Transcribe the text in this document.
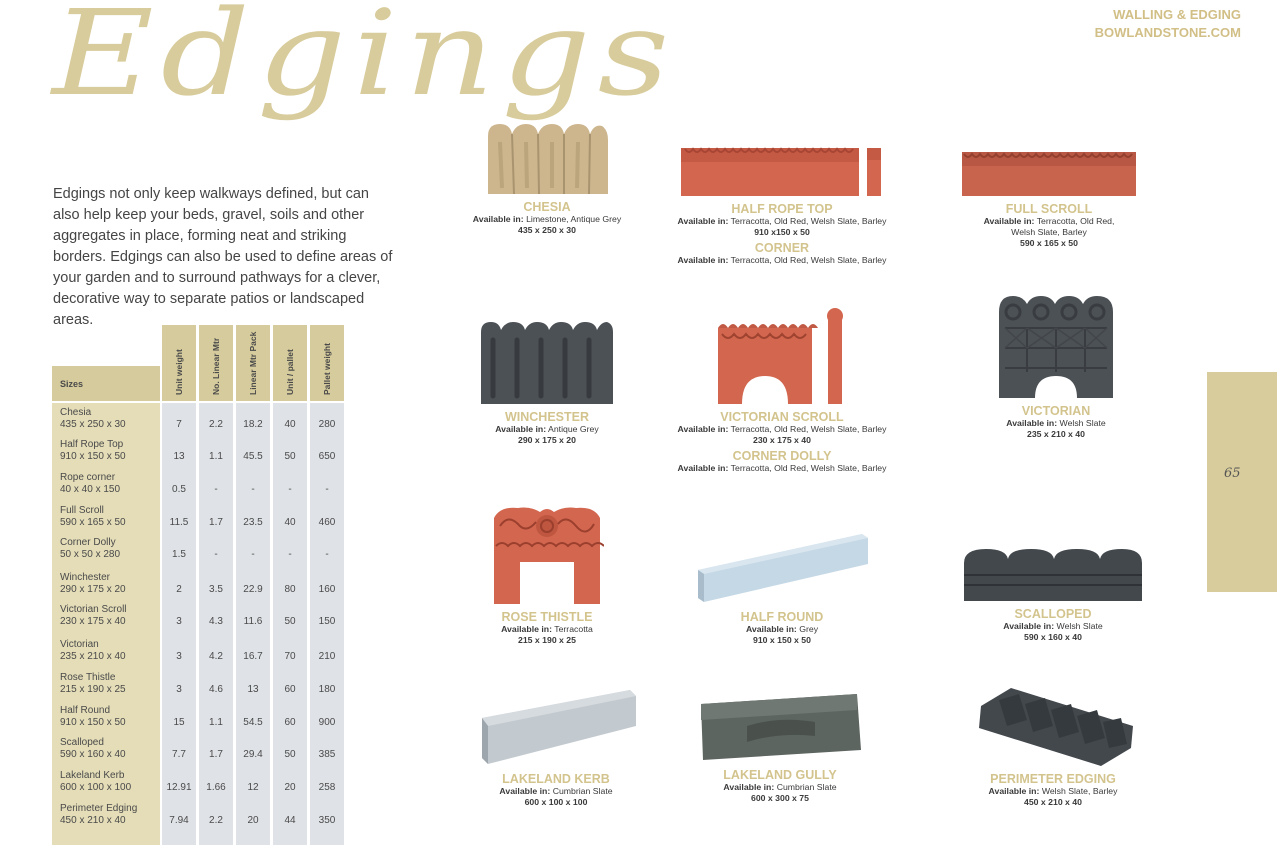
Edgings	WALLING & EDGING
BOWLANDSTONE.COM

Edgings not only keep walkways defined, but can also help keep your beds, gravel, soils and other aggregates in place, forming neat and striking borders. Edgings can also be used to define areas of your garden and to surround pathways for a clever, decorative way to separate patios or landscaped areas.

Sizes	Unit weight	No. Linear Mtr	Linear Mtr Pack	Unit / pallet	Pallet weight
Chesia
435 x 250 x 30	7	2.2	18.2	40	280
Half Rope Top
910 x 150 x 50	13	1.1	45.5	50	650
Rope corner
40 x 40 x 150	0.5	-	-	-	-
Full Scroll
590 x 165 x 50	11.5	1.7	23.5	40	460
Corner Dolly
50 x 50 x 280	1.5	-	-	-	-
Winchester
290 x 175 x 20	2	3.5	22.9	80	160
Victorian Scroll
230 x 175 x 40	3	4.3	11.6	50	150
Victorian
235 x 210 x 40	3	4.2	16.7	70	210
Rose Thistle
215 x 190 x 25	3	4.6	13	60	180
Half Round
910 x 150 x 50	15	1.1	54.5	60	900
Scalloped
590 x 160 x 40	7.7	1.7	29.4	50	385
Lakeland Kerb
600 x 100 x 100	12.91	1.66	12	20	258
Perimeter Edging
450 x 210 x 40	7.94	2.2	20	44	350
CHESIA
Available in: Limestone, Antique Grey
435 x 250 x 30
HALF ROPE TOP
Available in: Terracotta, Old Red, Welsh Slate, Barley
910 x150 x 50
CORNER
Available in: Terracotta, Old Red, Welsh Slate, Barley
FULL SCROLL
Available in: Terracotta, Old Red,
Welsh Slate, Barley
590 x 165 x 50
WINCHESTER
Available in: Antique Grey
290 x 175 x 20
VICTORIAN SCROLL
Available in: Terracotta, Old Red, Welsh Slate, Barley
230 x 175 x 40
CORNER DOLLY
Available in: Terracotta, Old Red, Welsh Slate, Barley
VICTORIAN
Available in: Welsh Slate
235 x 210 x 40
ROSE THISTLE
Available in: Terracotta
215 x 190 x 25
HALF ROUND
Available in: Grey
910 x 150 x 50
SCALLOPED
Available in: Welsh Slate
590 x 160 x 40
LAKELAND KERB
Available in: Cumbrian Slate
600 x 100 x 100
LAKELAND GULLY
Available in: Cumbrian Slate
600 x 300 x 75
PERIMETER EDGING
Available in: Welsh Slate, Barley
450 x 210 x 40
65
